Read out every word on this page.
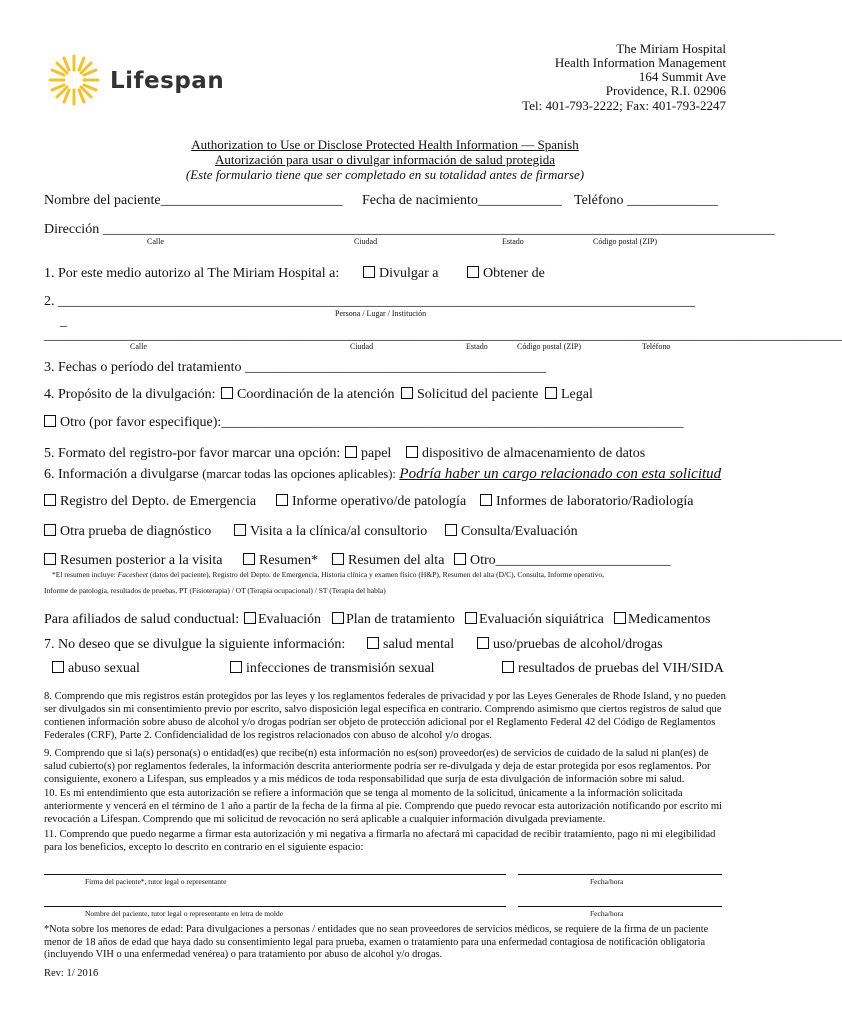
Lifespan
The Miriam Hospital
Health Information Management
164 Summit Ave
Providence, R.I. 02906
Tel: 401-793-2222; Fax: 401-793-2247
Authorization to Use or Disclose Protected Health Information — Spanish
Autorización para usar o divulgar información de salud protegida
(Este formulario tiene que ser completado en su totalidad antes de firmarse)
Nombre del paciente__________________________ Fecha de nacimiento____________ Teléfono _____________
Dirección ________________________________________________________________________________________________
Calle	Ciudad	Estado	Código postal (ZIP)
1. Por este medio autorizo al The Miriam Hospital a:	Divulgar a	Obtener de
2. ___________________________________________________________________________________________
Persona / Lugar / Institución
_
__________________________________________________________________________________________________________________
Calle	Ciudad	Estado	Código postal (ZIP)	Teléfono
3. Fechas o período del tratamiento ___________________________________________
4. Propósito de la divulgación:	Coordinación de la atención	Solicitud del paciente	Legal
Otro (por favor especifique):__________________________________________________________________
5. Formato del registro-por favor marcar una opción:	papel	dispositivo de almacenamiento de datos
6. Información a divulgarse (marcar todas las opciones aplicables): Podría haber un cargo relacionado con esta solicitud
Registro del Depto. de Emergencia	Informe operativo/de patología	Informes de laboratorio/Radiología
Otra prueba de diagnóstico	Visita a la clínica/al consultorio	Consulta/Evaluación
Resumen posterior a la visita	Resumen*	Resumen del alta	Otro_________________________
*El resumen incluye: Facesheet (datos del paciente), Registro del Depto. de Emergencia, Historia clínica y examen físico (H&P), Resumen del alta (D/C), Consulta, Informe operativo,
Informe de patología, resultados de pruebas, PT (Fisioterapia) / OT (Terapia ocupacional) / ST (Terapia del habla)
Para afiliados de salud conductual:	Evaluación	Plan de tratamiento	Evaluación siquiátrica	Medicamentos
7. No deseo que se divulgue la siguiente información:	salud mental	uso/pruebas de alcohol/drogas
abuso sexual	infecciones de transmisión sexual	resultados de pruebas del VIH/SIDA
8. Comprendo que mis registros están protegidos por las leyes y los reglamentos federales de privacidad y por las Leyes Generales de Rhode Island, y no pueden ser divulgados sin mi consentimiento previo por escrito, salvo disposición legal específica en contrario. Comprendo asimismo que ciertos registros de salud que contienen información sobre abuso de alcohol y/o drogas podrían ser objeto de protección adicional por el Reglamento Federal 42 del Código de Reglamentos Federales (CRF), Parte 2. Confidencialidad de los registros relacionados con abuso de alcohol y/o drogas.
9. Comprendo que si la(s) persona(s) o entidad(es) que recibe(n) esta información no es(son) proveedor(es) de servicios de cuidado de la salud ni plan(es) de salud cubierto(s) por reglamentos federales, la información descrita anteriormente podría ser re-divulgada y deja de estar protegida por esos reglamentos. Por consiguiente, exonero a Lifespan, sus empleados y a mis médicos de toda responsabilidad que surja de esta divulgación de información sobre mi salud.
10. Es mi entendimiento que esta autorización se refiere a información que se tenga al momento de la solicitud, únicamente a la información solicitada anteriormente y vencerá en el término de 1 año a partir de la fecha de la firma al pie. Comprendo que puedo revocar esta autorización notificando por escrito mi revocación a Lifespan. Comprendo que mi solicitud de revocación no será aplicable a cualquier información divulgada previamente.
11. Comprendo que puedo negarme a firmar esta autorización y mi negativa a firmarla no afectará mi capacidad de recibir tratamiento, pago ni mi elegibilidad para los beneficios, excepto lo descrito en contrario en el siguiente espacio:
Firma del paciente*, tutor legal o representante	Fecha/hora
Nombre del paciente, tutor legal o representante en letra de molde	Fecha/hora
*Nota sobre los menores de edad: Para divulgaciones a personas / entidades que no sean proveedores de servicios médicos, se requiere de la firma de un paciente menor de 18 años de edad que haya dado su consentimiento legal para prueba, examen o tratamiento para una enfermedad contagiosa de notificación obligatoria (incluyendo VIH o una enfermedad venérea) o para tratamiento por abuso de alcohol y/o drogas.
Rev: 1/ 2016
